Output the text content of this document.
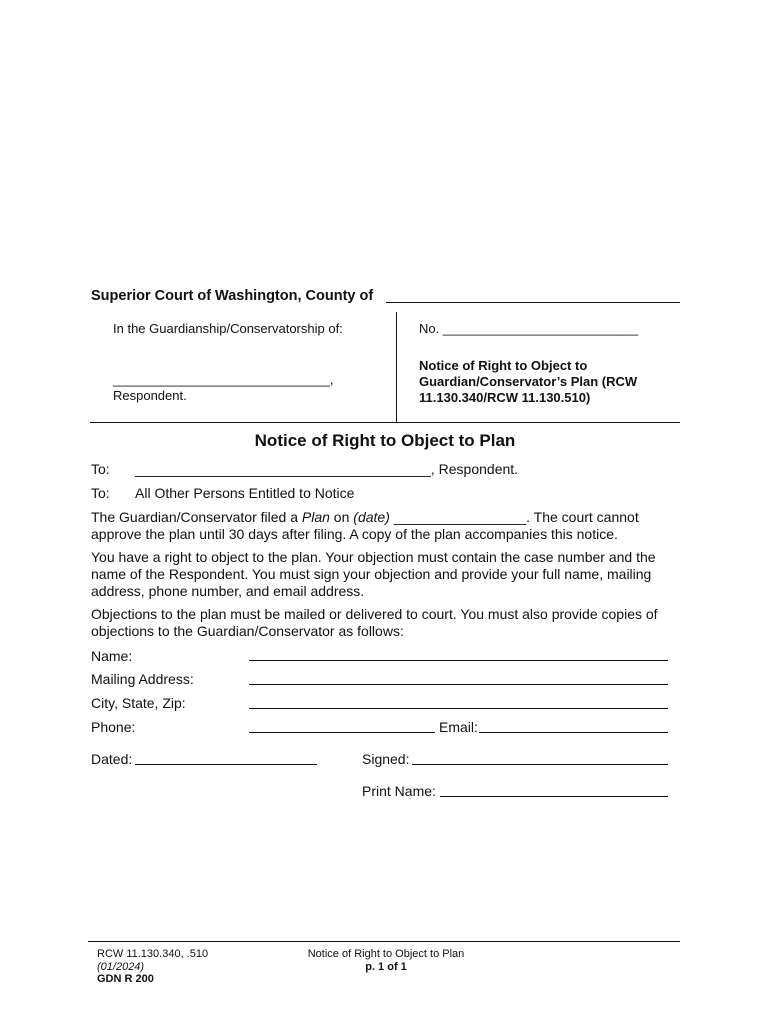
Superior Court of Washington, County of
In the Guardianship/Conservatorship of:
______________________________,
Respondent.
No. ___________________________
Notice of Right to Object to Guardian/Conservator’s Plan (RCW 11.130.340/RCW 11.130.510)
Notice of Right to Object to Plan
To: ______________________________________, Respondent.
To: All Other Persons Entitled to Notice
The Guardian/Conservator filed a Plan on (date) _________________. The court cannot approve the plan until 30 days after filing. A copy of the plan accompanies this notice.
You have a right to object to the plan. Your objection must contain the case number and the name of the Respondent. You must sign your objection and provide your full name, mailing address, phone number, and email address.
Objections to the plan must be mailed or delivered to court. You must also provide copies of objections to the Guardian/Conservator as follows:
Name:
Mailing Address:
City, State, Zip:
Phone:	Email:
Dated:	Signed:
Print Name:
RCW 11.130.340, .510
(01/2024)
GDN R 200
Notice of Right to Object to Plan
p. 1 of 1
